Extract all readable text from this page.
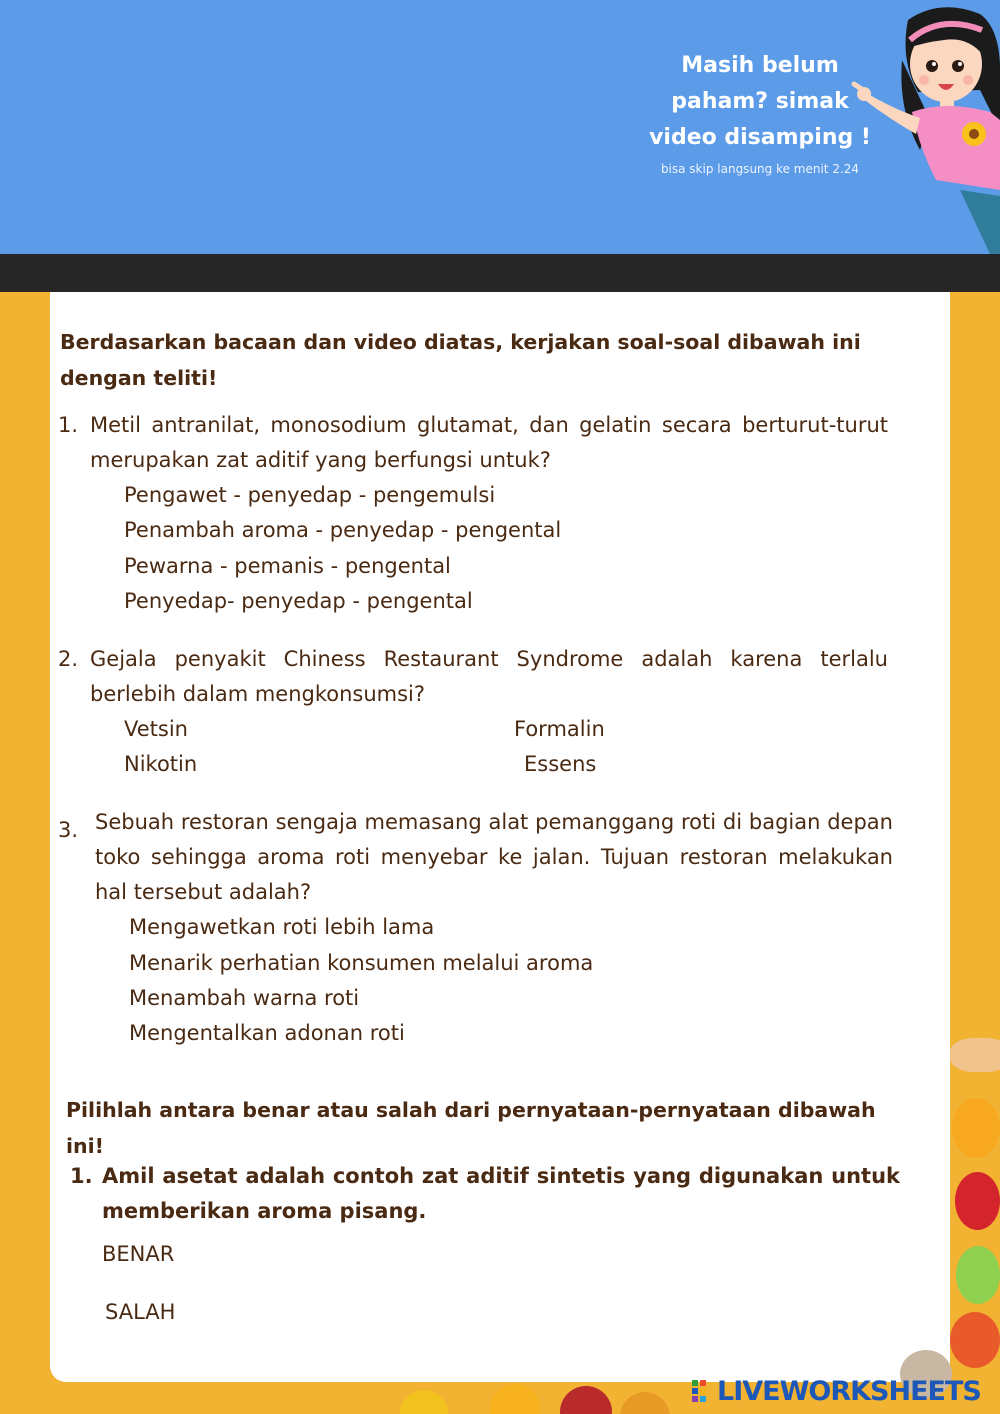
Masih belum
paham? simak
video disamping !
bisa skip langsung ke menit 2.24
Berdasarkan bacaan dan video diatas, kerjakan soal-soal dibawah ini dengan teliti!
1. Metil antranilat, monosodium glutamat, dan gelatin secara berturut-turut merupakan zat aditif yang berfungsi untuk?
Pengawet - penyedap - pengemulsi
Penambah aroma - penyedap - pengental
Pewarna - pemanis - pengental
Penyedap- penyedap - pengental
2. Gejala penyakit Chiness Restaurant Syndrome adalah karena terlalu berlebih dalam mengkonsumsi?
Vetsin	Formalin
Nikotin	Essens
3. Sebuah restoran sengaja memasang alat pemanggang roti di bagian depan toko sehingga aroma roti menyebar ke jalan. Tujuan restoran melakukan hal tersebut adalah?
Mengawetkan roti lebih lama
Menarik perhatian konsumen melalui aroma
Menambah warna roti
Mengentalkan adonan roti
Pilihlah antara benar atau salah dari pernyataan-pernyataan dibawah ini!
1. Amil asetat adalah contoh zat aditif sintetis yang digunakan untuk memberikan aroma pisang.
BENAR
SALAH
LIVEWORKSHEETS
